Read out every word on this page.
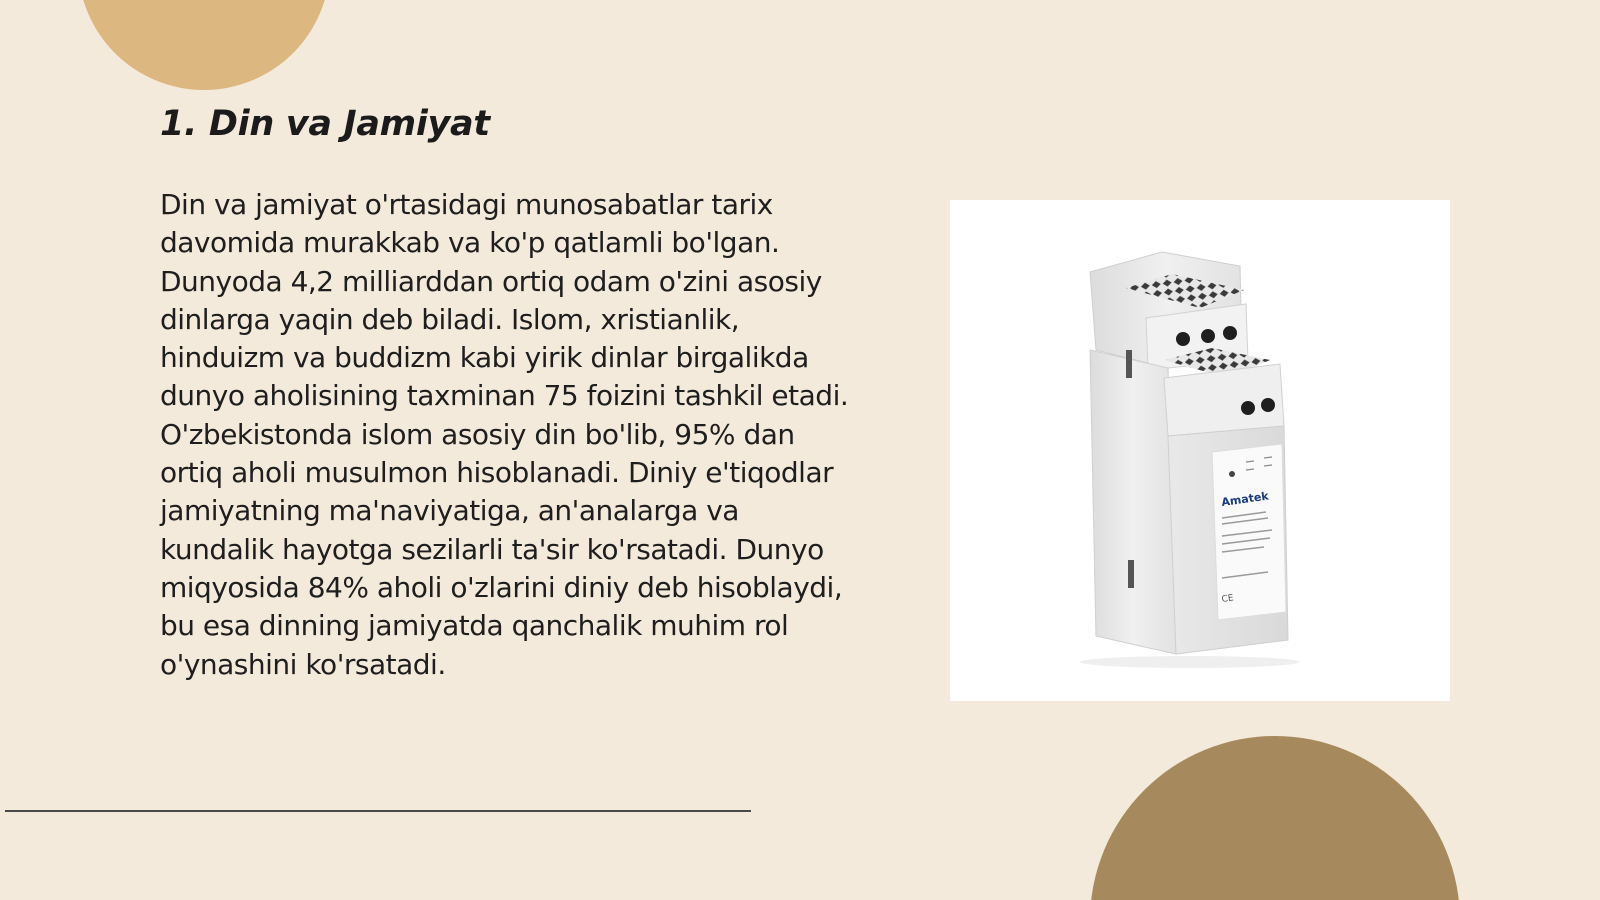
1. Din va Jamiyat

Din va jamiyat o'rtasidagi munosabatlar tarix davomida murakkab va ko'p qatlamli bo'lgan. Dunyoda 4,2 milliarddan ortiq odam o'zini asosiy dinlarga yaqin deb biladi. Islom, xristianlik, hinduizm va buddizm kabi yirik dinlar birgalikda dunyo aholisining taxminan 75 foizini tashkil etadi. O'zbekistonda islom asosiy din bo'lib, 95% dan ortiq aholi musulmon hisoblanadi. Diniy e'tiqodlar jamiyatning ma'naviyatiga, an'analarga va kundalik hayotga sezilarli ta'sir ko'rsatadi. Dunyo miqyosida 84% aholi o'zlarini diniy deb hisoblaydi, bu esa dinning jamiyatda qanchalik muhim rol o'ynashini ko'rsatadi.

Amatek
CE
